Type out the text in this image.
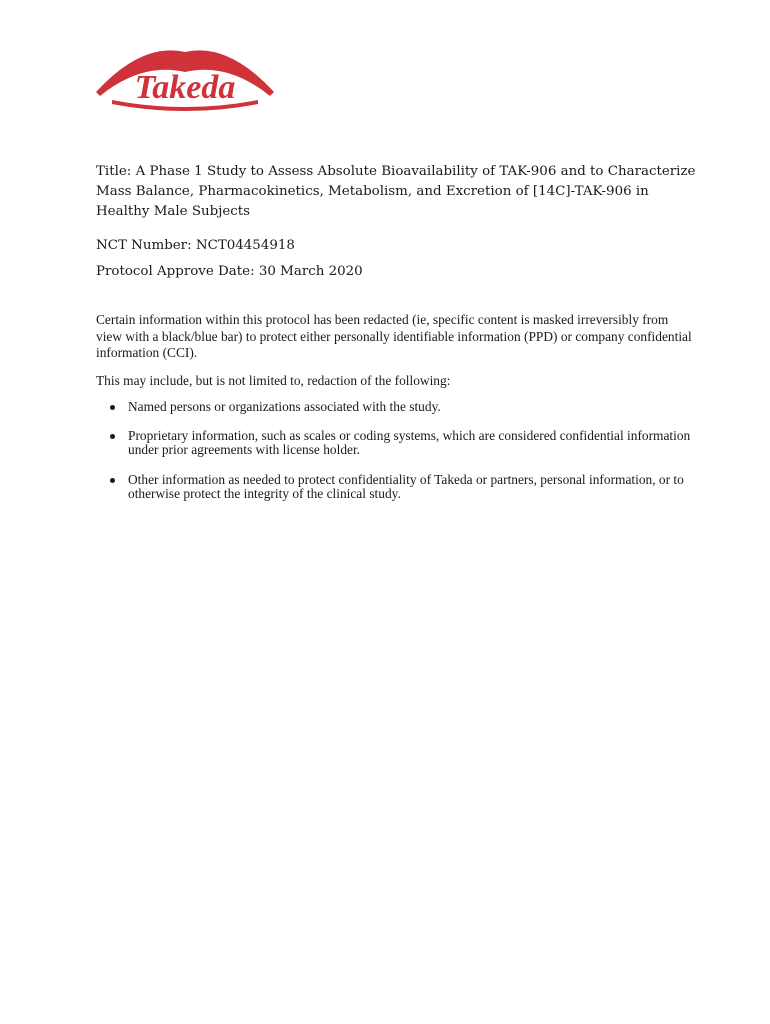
Takeda

Title: A Phase 1 Study to Assess Absolute Bioavailability of TAK-906 and to Characterize Mass Balance, Pharmacokinetics, Metabolism, and Excretion of [14C]-TAK-906 in Healthy Male Subjects

NCT Number: NCT04454918

Protocol Approve Date: 30 March 2020

Certain information within this protocol has been redacted (ie, specific content is masked irreversibly from view with a black/blue bar) to protect either personally identifiable information (PPD) or company confidential information (CCI).

This may include, but is not limited to, redaction of the following:

Named persons or organizations associated with the study.
Proprietary information, such as scales or coding systems, which are considered confidential information under prior agreements with license holder.
Other information as needed to protect confidentiality of Takeda or partners, personal information, or to otherwise protect the integrity of the clinical study.
